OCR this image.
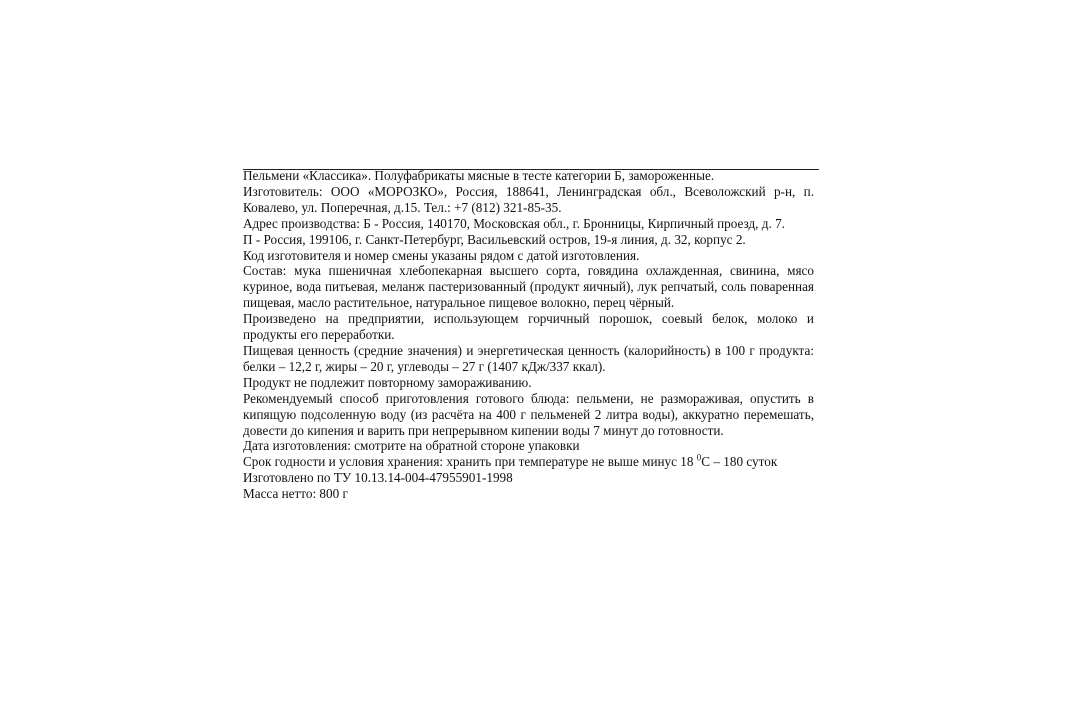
Пельмени «Классика». Полуфабрикаты мясные в тесте категории Б, замороженные.

Изготовитель: ООО «МОРОЗКО», Россия, 188641, Ленинградская обл., Всеволожский р-н, п. Ковалево, ул. Поперечная, д.15. Тел.: +7 (812) 321-85-35.

Адрес производства: Б - Россия, 140170, Московская обл., г. Бронницы, Кирпичный проезд, д. 7.

П - Россия, 199106, г. Санкт-Петербург, Васильевский остров, 19-я линия, д. 32, корпус 2.

Код изготовителя и номер смены указаны рядом с датой изготовления.

Состав: мука пшеничная хлебопекарная высшего сорта, говядина охлажденная, свинина, мясо куриное, вода питьевая, меланж пастеризованный (продукт яичный), лук репчатый, соль поваренная пищевая, масло растительное, натуральное пищевое волокно, перец чёрный.

Произведено на предприятии, использующем горчичный порошок, соевый белок, молоко и продукты его переработки.

Пищевая ценность (средние значения) и энергетическая ценность (калорийность) в 100 г продукта: белки – 12,2 г, жиры – 20 г, углеводы – 27 г (1407 кДж/337 ккал).

Продукт не подлежит повторному замораживанию.

Рекомендуемый способ приготовления готового блюда: пельмени, не размораживая, опустить в кипящую подсоленную воду (из расчёта на 400 г пельменей 2 литра воды), аккуратно перемешать, довести до кипения и варить при непрерывном кипении воды 7 минут до готовности.

Дата изготовления: смотрите на обратной стороне упаковки

Срок годности и условия хранения: хранить при температуре не выше минус 18 $^0$С – 180 суток

Изготовлено по ТУ 10.13.14-004-47955901-1998

Масса нетто: 800 г
